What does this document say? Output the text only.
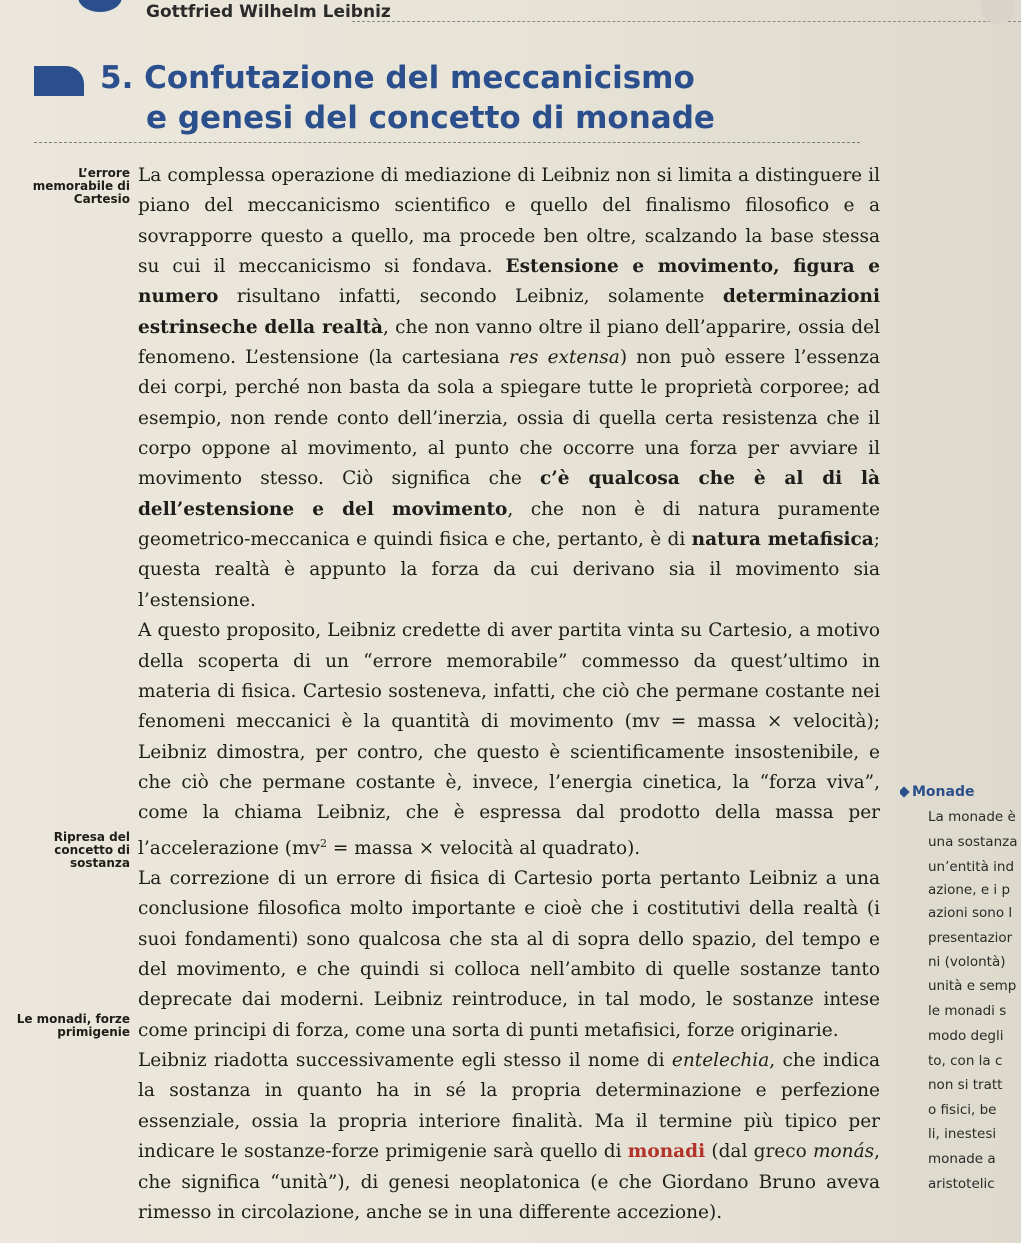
Gottfried Wilhelm Leibniz
5. Confutazione del meccanicismo
e genesi del concetto di monade
L’errore memorabile di Cartesio
Ripresa del concetto di sostanza
Le monadi, forze primigenie

La complessa operazione di mediazione di Leibniz non si limita a distinguere il piano del meccanicismo scientifico e quello del finalismo filosofico e a sovrapporre questo a quello, ma procede ben oltre, scalzando la base stessa su cui il meccanicismo si fondava. Estensione e movimento, figura e numero risultano infatti, secondo Leibniz, solamente determinazioni estrinseche della realtà, che non vanno oltre il piano dell’apparire, ossia del fenomeno. L’estensione (la cartesiana res extensa) non può essere l’essenza dei corpi, perché non basta da sola a spiegare tutte le proprietà corporee; ad esempio, non rende conto dell’inerzia, ossia di quella certa resistenza che il corpo oppone al movimento, al punto che occorre una forza per avviare il movimento stesso. Ciò significa che c’è qualcosa che è al di là dell’estensione e del movimento, che non è di natura puramente geometrico-meccanica e quindi fisica e che, pertanto, è di natura metafisica; questa realtà è appunto la forza da cui derivano sia il movimento sia l’estensione.

A questo proposito, Leibniz credette di aver partita vinta su Cartesio, a motivo della scoperta di un “errore memorabile” commesso da quest’ultimo in materia di fisica. Cartesio sosteneva, infatti, che ciò che permane costante nei fenomeni meccanici è la quantità di movimento (mv = massa × velocità); Leibniz dimostra, per contro, che questo è scientificamente insostenibile, e che ciò che permane costante è, invece, l’energia cinetica, la “forza viva”, come la chiama Leibniz, che è espressa dal prodotto della massa per l’accelerazione ($mv^2$ = massa × velocità al quadrato).

La correzione di un errore di fisica di Cartesio porta pertanto Leibniz a una conclusione filosofica molto importante e cioè che i costitutivi della realtà (i suoi fondamenti) sono qualcosa che sta al di sopra dello spazio, del tempo e del movimento, e che quindi si colloca nell’ambito di quelle sostanze tanto deprecate dai moderni. Leibniz reintroduce, in tal modo, le sostanze intese come principi di forza, come una sorta di punti metafisici, forze originarie.

Leibniz riadotta successivamente egli stesso il nome di entelechia, che indica la sostanza in quanto ha in sé la propria determinazione e perfezione essenziale, ossia la propria interiore finalità. Ma il termine più tipico per indicare le sostanze-forze primigenie sarà quello di monadi (dal greco monás, che significa “unità”), di genesi neoplatonica (e che Giordano Bruno aveva rimesso in circolazione, anche se in una differente accezione).

Monade
La monade è
una sostanza
un’entità ind
azione, e i p
azioni sono l
presentazior
ni (volontà)
unità e semp
le monadi s
modo degli
to, con la c
non si tratt
o fisici, be
li, inestesi
monade a
aristotelic
